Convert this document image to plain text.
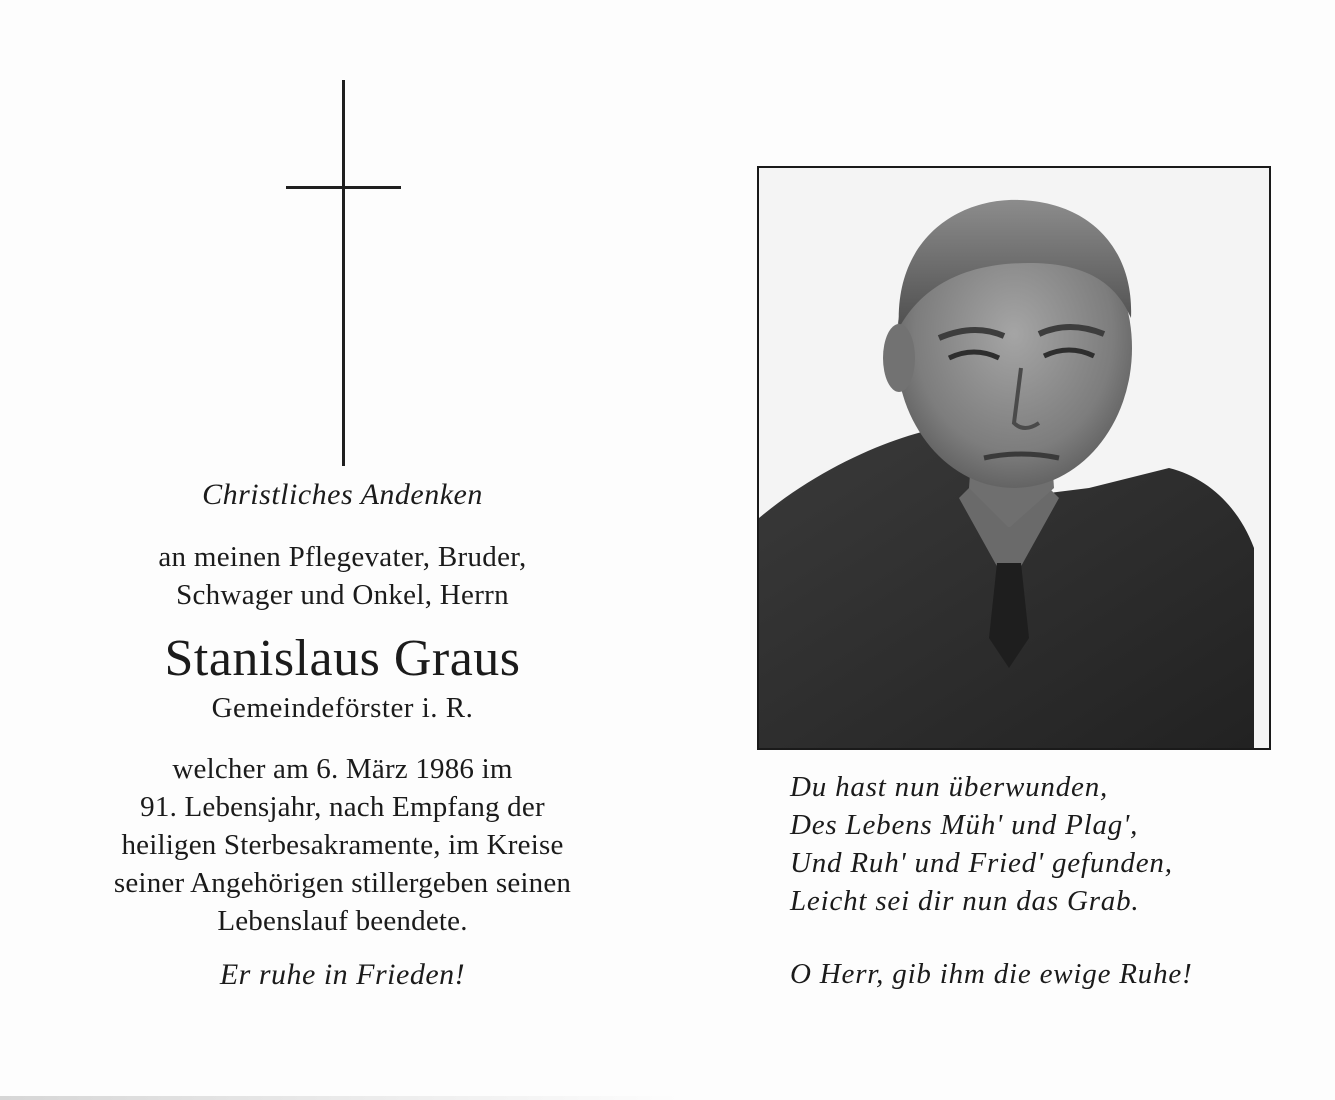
Christliches Andenken
an meinen Pflegevater, Bruder,
Schwager und Onkel, Herrn
Stanislaus Graus
Gemeindeförster i. R.
welcher am 6. März 1986 im
91. Lebensjahr, nach Empfang der
heiligen Sterbesakramente, im Kreise
seiner Angehörigen stillergeben seinen
Lebenslauf beendete.
Er ruhe in Frieden!
Du hast nun überwunden,
Des Lebens Müh' und Plag',
Und Ruh' und Fried' gefunden,
Leicht sei dir nun das Grab.
O Herr, gib ihm die ewige Ruhe!
